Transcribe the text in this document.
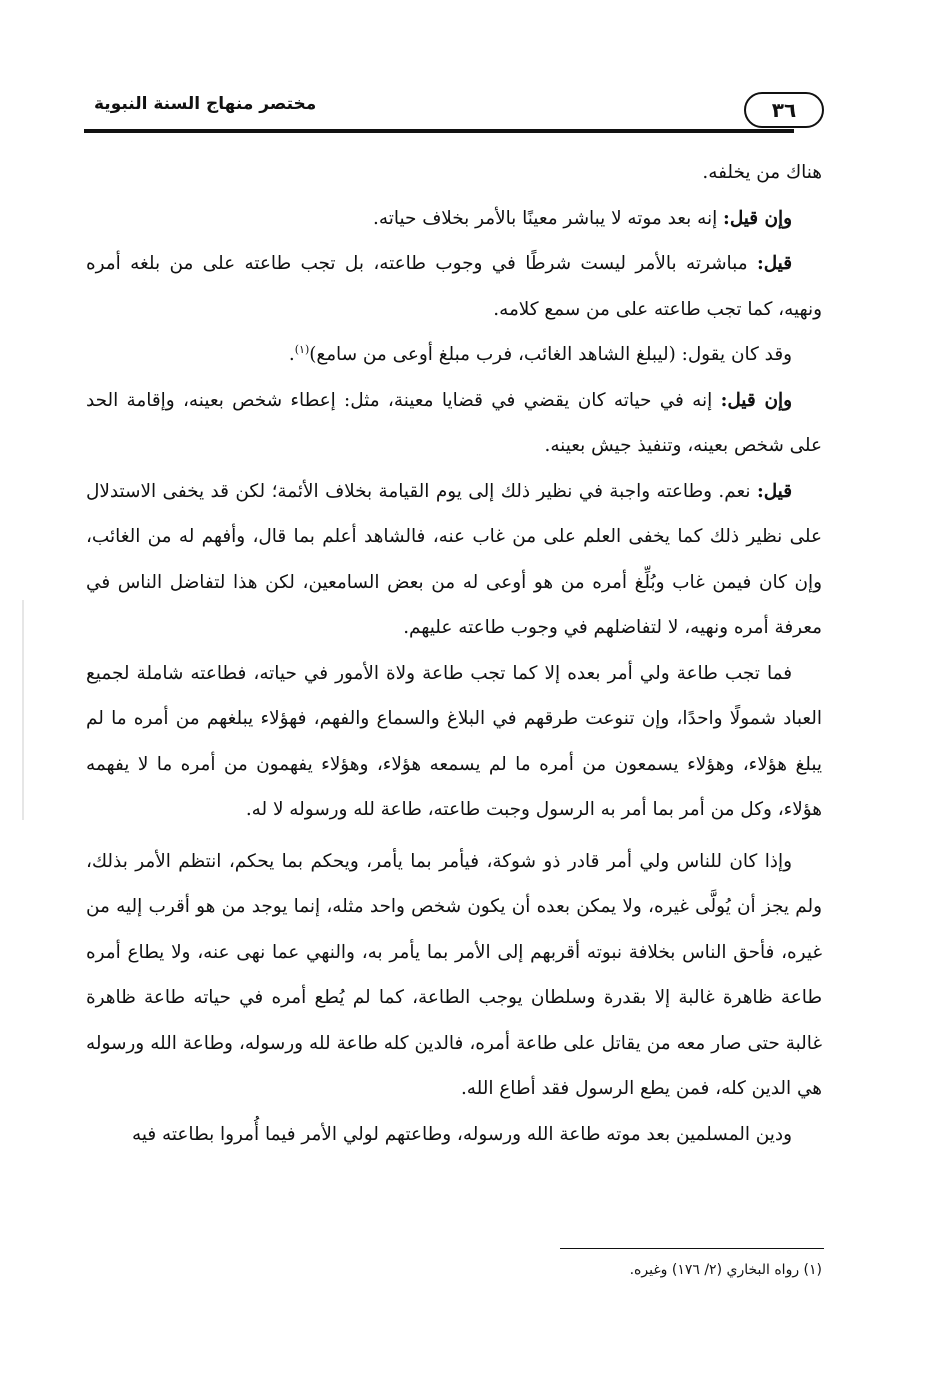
٣٦
مختصر منهاج السنة النبوية

هناك من يخلفه.

وإن قيل: إنه بعد موته لا يباشر معينًا بالأمر بخلاف حياته.

قيل: مباشرته بالأمر ليست شرطًا في وجوب طاعته، بل تجب طاعته على من بلغه أمره ونهيه، كما تجب طاعته على من سمع كلامه.

وقد كان يقول: (ليبلغ الشاهد الغائب، فرب مبلغ أوعى من سامع)$^{(١)}$.

وإن قيل: إنه في حياته كان يقضي في قضايا معينة، مثل: إعطاء شخص بعينه، وإقامة الحد على شخص بعينه، وتنفيذ جيش بعينه.

قيل: نعم. وطاعته واجبة في نظير ذلك إلى يوم القيامة بخلاف الأئمة؛ لكن قد يخفى الاستدلال على نظير ذلك كما يخفى العلم على من غاب عنه، فالشاهد أعلم بما قال، وأفهم له من الغائب، وإن كان فيمن غاب وبُلِّغ أمره من هو أوعى له من بعض السامعين، لكن هذا لتفاضل الناس في معرفة أمره ونهيه، لا لتفاضلهم في وجوب طاعته عليهم.

فما تجب طاعة ولي أمر بعده إلا كما تجب طاعة ولاة الأمور في حياته، فطاعته شاملة لجميع العباد شمولًا واحدًا، وإن تنوعت طرقهم في البلاغ والسماع والفهم، فهؤلاء يبلغهم من أمره ما لم يبلغ هؤلاء، وهؤلاء يسمعون من أمره ما لم يسمعه هؤلاء، وهؤلاء يفهمون من أمره ما لا يفهمه هؤلاء، وكل من أمر بما أمر به الرسول وجبت طاعته، طاعة لله ورسوله لا له.

وإذا كان للناس ولي أمر قادر ذو شوكة، فيأمر بما يأمر، ويحكم بما يحكم، انتظم الأمر بذلك، ولم يجز أن يُولَّى غيره، ولا يمكن بعده أن يكون شخص واحد مثله، إنما يوجد من هو أقرب إليه من غيره، فأحق الناس بخلافة نبوته أقربهم إلى الأمر بما يأمر به، والنهي عما نهى عنه، ولا يطاع أمره طاعة ظاهرة غالبة إلا بقدرة وسلطان يوجب الطاعة، كما لم يُطع أمره في حياته طاعة ظاهرة غالبة حتى صار معه من يقاتل على طاعة أمره، فالدين كله طاعة لله ورسوله، وطاعة الله ورسوله هي الدين كله، فمن يطع الرسول فقد أطاع الله.

ودين المسلمين بعد موته طاعة الله ورسوله، وطاعتهم لولي الأمر فيما أُمروا بطاعته فيه

(١) رواه البخاري (٢/ ١٧٦) وغيره.
